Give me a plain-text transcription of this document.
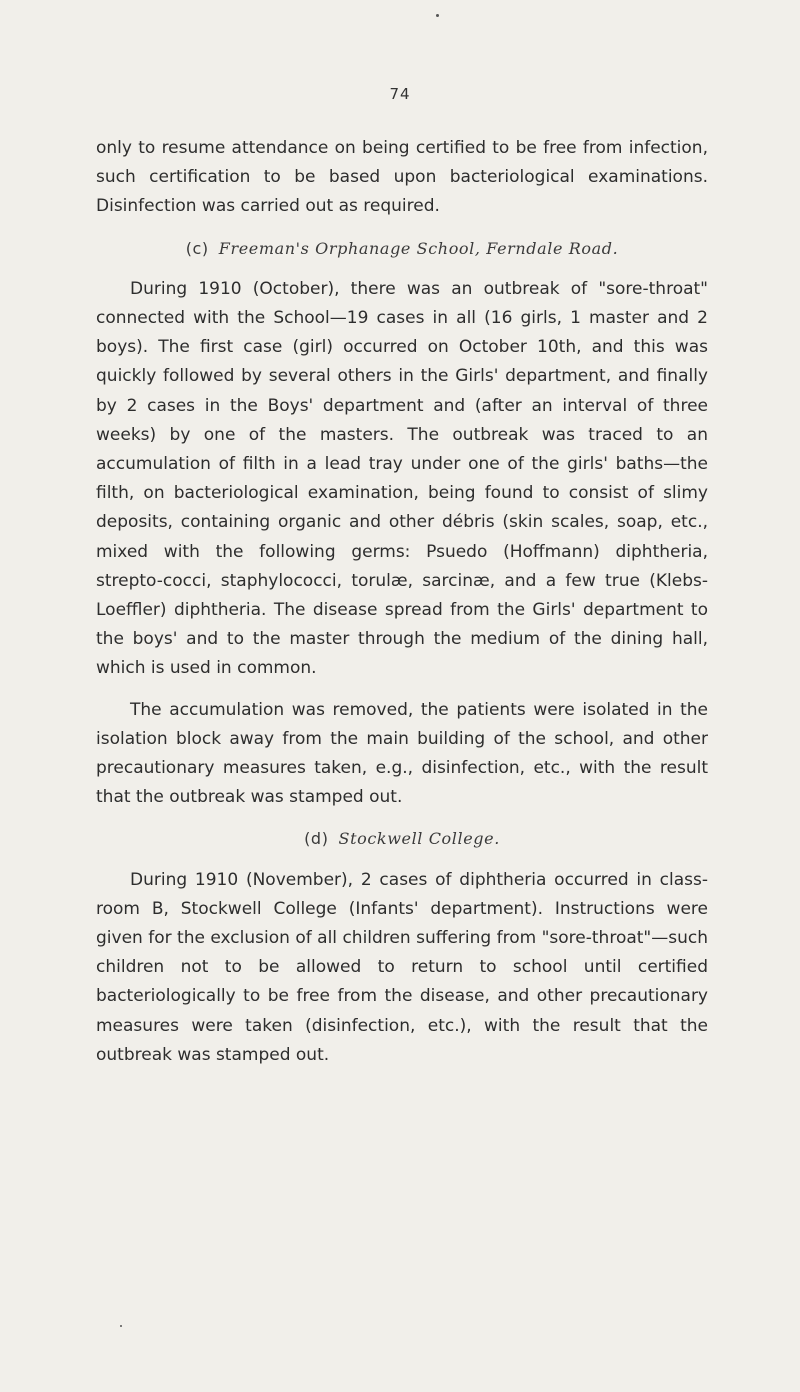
74

only to resume attendance on being certified to be free from infection, such certification to be based upon bacteriological examinations. Disinfection was carried out as required.

(c) Freeman's Orphanage School, Ferndale Road.

During 1910 (October), there was an outbreak of "sore-throat" connected with the School—19 cases in all (16 girls, 1 master and 2 boys). The first case (girl) occurred on October 10th, and this was quickly followed by several others in the Girls' department, and finally by 2 cases in the Boys' department and (after an interval of three weeks) by one of the masters. The outbreak was traced to an accumulation of filth in a lead tray under one of the girls' baths—the filth, on bacteriological examination, being found to consist of slimy deposits, containing organic and other débris (skin scales, soap, etc., mixed with the following germs: Psuedo (Hoffmann) diphtheria, strepto-cocci, staphylococci, torulæ, sarcinæ, and a few true (Klebs-Loeffler) diphtheria. The disease spread from the Girls' department to the boys' and to the master through the medium of the dining hall, which is used in common.

The accumulation was removed, the patients were isolated in the isolation block away from the main building of the school, and other precautionary measures taken, e.g., disinfection, etc., with the result that the outbreak was stamped out.

(d) Stockwell College.

During 1910 (November), 2 cases of diphtheria occurred in class-room B, Stockwell College (Infants' department). Instructions were given for the exclusion of all children suffering from "sore-throat"—such children not to be allowed to return to school until certified bacteriologically to be free from the disease, and other precautionary measures were taken (disinfection, etc.), with the result that the outbreak was stamped out.
